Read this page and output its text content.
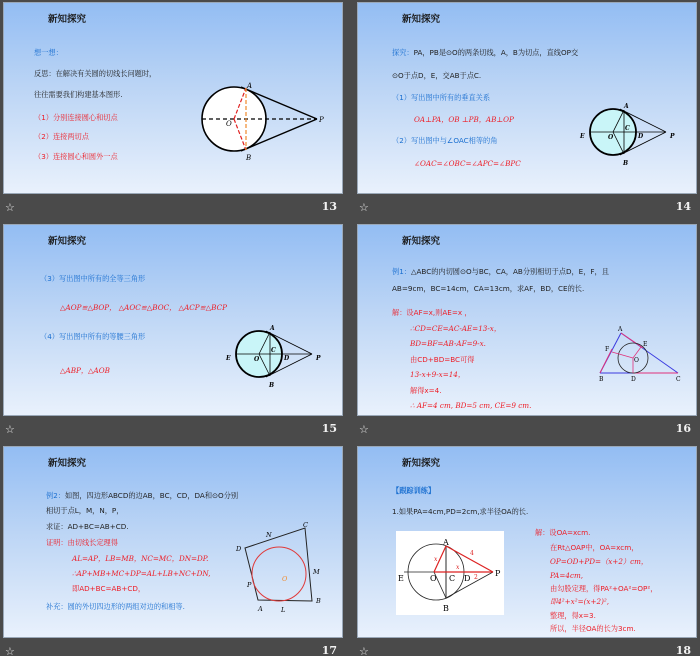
新知探究
想一想：
反思：在解决有关圆的切线长问题时，
往往需要我们构建基本图形.
（1）分别连接圆心和切点
（2）连接两切点
（3）连接圆心和圆外一点
A
B
O	P
☆	13
新知探究
探究：PA，PB是⊙O的两条切线，A，B为切点，直线OP交
⊙O于点D，E，交AB于点C.
（1）写出图中所有的垂直关系
OA⊥PA，OB ⊥PB，AB⊥OP
（2）写出图中与∠OAC相等的角
∠OAC=∠OBC=∠APC=∠BPC
A
B
C
D
E	O	P
☆	14
新知探究
（3）写出图中所有的全等三角形
△AOP≌△BOP， △AOC≌△BOC， △ACP≌△BCP
（4）写出图中所有的等腰三角形
△ABP，△AOB
A
B
C
D
E	O	P
☆	15
新知探究
例1：△ABC的内切圆⊙O与BC，CA，AB分别相切于点D，E，F，且
AB=9cm，BC=14cm，CA=13cm，求AF，BD，CE的长.
解：设AF=x,则AE=x ，
∴CD=CE=AC-AE=13-x，
BD=BF=AB-AF=9-x.
由CD+BD=BC可得
13-x+9-x=14，
解得x=4.
∴ AF=4 cm, BD=5 cm, CE=9 cm.
A
B	C
D
E
F
O
☆	16
新知探究
例2：如图，四边形ABCD的边AB，BC，CD，DA和⊙O分别
相切于点L，M，N，P，
求证：AD+BC=AB+CD.
证明：由切线长定理得
AL=AP，LB=MB，NC=MC，DN=DP.
∴AP+MB+MC+DP=AL+LB+NC+DN,
即AD+BC=AB+CD，
补充：圆的外切四边形的两组对边的和相等.
C
D
B
A	L
M
N
P
O
☆	17
新知探究
【跟踪训练】
1.如果PA=4cm,PD=2cm,求半径OA的长.
解：设OA=xcm.
在Rt△OAP中，OA=xcm，
OP=OD+PD=（x+2）cm，
PA=4cm,
由勾股定理，得PA²+OA²=OP²，
即4²+x²=(x+2)²,
整理，得x=3.
所以，半径OA的长为3cm.
A
B
C D
E	O
P
x
x
4
2
☆	18
